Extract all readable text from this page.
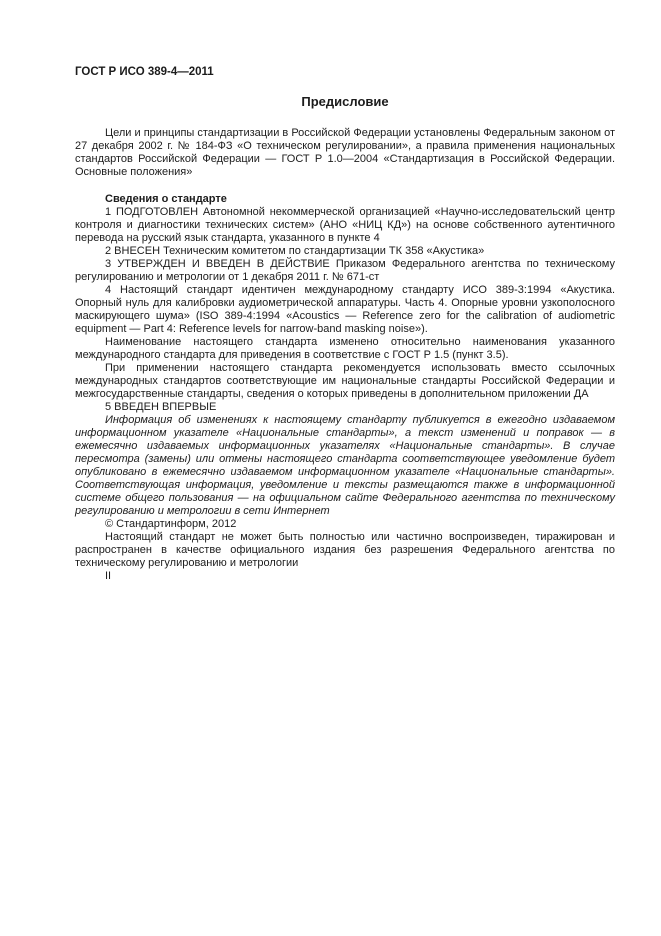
ГОСТ Р ИСО 389-4—2011
Предисловие

Цели и принципы стандартизации в Российской Федерации установлены Федеральным законом от 27 декабря 2002 г. № 184-ФЗ «О техническом регулировании», а правила применения национальных стандартов Российской Федерации — ГОСТ Р 1.0—2004 «Стандартизация в Российской Федерации. Основные положения»

Сведения о стандарте

1 ПОДГОТОВЛЕН Автономной некоммерческой организацией «Научно-исследовательский центр контроля и диагностики технических систем» (АНО «НИЦ КД») на основе собственного аутентичного перевода на русский язык стандарта, указанного в пункте 4

2 ВНЕСЕН Техническим комитетом по стандартизации ТК 358 «Акустика»

3 УТВЕРЖДЕН И ВВЕДЕН В ДЕЙСТВИЕ Приказом Федерального агентства по техническому регулированию и метрологии от 1 декабря 2011 г. № 671-ст

4 Настоящий стандарт идентичен международному стандарту ИСО 389-3:1994 «Акустика. Опорный нуль для калибровки аудиометрической аппаратуры. Часть 4. Опорные уровни узкополосного маскирующего шума» (ISO 389-4:1994 «Acoustics — Reference zero for the calibration of audiometric equipment — Part 4: Reference levels for narrow-band masking noise»).

Наименование настоящего стандарта изменено относительно наименования указанного международного стандарта для приведения в соответствие с ГОСТ Р 1.5 (пункт 3.5).

При применении настоящего стандарта рекомендуется использовать вместо ссылочных международных стандартов соответствующие им национальные стандарты Российской Федерации и межгосударственные стандарты, сведения о которых приведены в дополнительном приложении ДА

5 ВВЕДЕН ВПЕРВЫЕ

Информация об изменениях к настоящему стандарту публикуется в ежегодно издаваемом информационном указателе «Национальные стандарты», а текст изменений и поправок — в ежемесячно издаваемых информационных указателях «Национальные стандарты». В случае пересмотра (замены) или отмены настоящего стандарта соответствующее уведомление будет опубликовано в ежемесячно издаваемом информационном указателе «Национальные стандарты». Соответствующая информация, уведомление и тексты размещаются также в информационной системе общего пользования — на официальном сайте Федерального агентства по техническому регулированию и метрологии в сети Интернет

© Стандартинформ, 2012

Настоящий стандарт не может быть полностью или частично воспроизведен, тиражирован и распространен в качестве официального издания без разрешения Федерального агентства по техническому регулированию и метрологии

II
